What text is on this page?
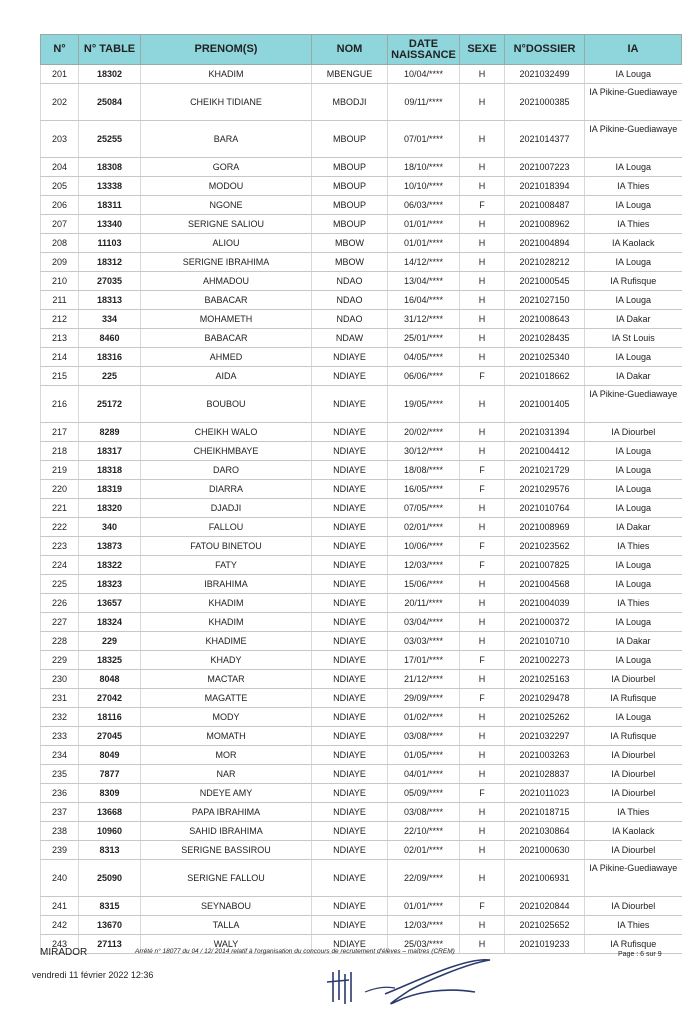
N°	N° TABLE	PRENOM(S)	NOM	DATE NAISSANCE	SEXE	N°DOSSIER	IA
201	18302	KHADIM	MBENGUE	10/04/****	H	2021032499	IA Louga
202	25084	CHEIKH TIDIANE	MBODJI	09/11/****	H	2021000385	IA Pikine-Guediawaye
203	25255	BARA	MBOUP	07/01/****	H	2021014377	IA Pikine-Guediawaye
204	18308	GORA	MBOUP	18/10/****	H	2021007223	IA Louga
205	13338	MODOU	MBOUP	10/10/****	H	2021018394	IA Thies
206	18311	NGONE	MBOUP	06/03/****	F	2021008487	IA Louga
207	13340	SERIGNE SALIOU	MBOUP	01/01/****	H	2021008962	IA Thies
208	11103	ALIOU	MBOW	01/01/****	H	2021004894	IA Kaolack
209	18312	SERIGNE IBRAHIMA	MBOW	14/12/****	H	2021028212	IA Louga
210	27035	AHMADOU	NDAO	13/04/****	H	2021000545	IA Rufisque
211	18313	BABACAR	NDAO	16/04/****	H	2021027150	IA Louga
212	334	MOHAMETH	NDAO	31/12/****	H	2021008643	IA Dakar
213	8460	BABACAR	NDAW	25/01/****	H	2021028435	IA St Louis
214	18316	AHMED	NDIAYE	04/05/****	H	2021025340	IA Louga
215	225	AIDA	NDIAYE	06/06/****	F	2021018662	IA Dakar
216	25172	BOUBOU	NDIAYE	19/05/****	H	2021001405	IA Pikine-Guediawaye
217	8289	CHEIKH WALO	NDIAYE	20/02/****	H	2021031394	IA Diourbel
218	18317	CHEIKHMBAYE	NDIAYE	30/12/****	H	2021004412	IA Louga
219	18318	DARO	NDIAYE	18/08/****	F	2021021729	IA Louga
220	18319	DIARRA	NDIAYE	16/05/****	F	2021029576	IA Louga
221	18320	DJADJI	NDIAYE	07/05/****	H	2021010764	IA Louga
222	340	FALLOU	NDIAYE	02/01/****	H	2021008969	IA Dakar
223	13873	FATOU BINETOU	NDIAYE	10/06/****	F	2021023562	IA Thies
224	18322	FATY	NDIAYE	12/03/****	F	2021007825	IA Louga
225	18323	IBRAHIMA	NDIAYE	15/06/****	H	2021004568	IA Louga
226	13657	KHADIM	NDIAYE	20/11/****	H	2021004039	IA Thies
227	18324	KHADIM	NDIAYE	03/04/****	H	2021000372	IA Louga
228	229	KHADIME	NDIAYE	03/03/****	H	2021010710	IA Dakar
229	18325	KHADY	NDIAYE	17/01/****	F	2021002273	IA Louga
230	8048	MACTAR	NDIAYE	21/12/****	H	2021025163	IA Diourbel
231	27042	MAGATTE	NDIAYE	29/09/****	F	2021029478	IA Rufisque
232	18116	MODY	NDIAYE	01/02/****	H	2021025262	IA Louga
233	27045	MOMATH	NDIAYE	03/08/****	H	2021032297	IA Rufisque
234	8049	MOR	NDIAYE	01/05/****	H	2021003263	IA Diourbel
235	7877	NAR	NDIAYE	04/01/****	H	2021028837	IA Diourbel
236	8309	NDEYE AMY	NDIAYE	05/09/****	F	2021011023	IA Diourbel
237	13668	PAPA IBRAHIMA	NDIAYE	03/08/****	H	2021018715	IA Thies
238	10960	SAHID IBRAHIMA	NDIAYE	22/10/****	H	2021030864	IA Kaolack
239	8313	SERIGNE BASSIROU	NDIAYE	02/01/****	H	2021000630	IA Diourbel
240	25090	SERIGNE FALLOU	NDIAYE	22/09/****	H	2021006931	IA Pikine-Guediawaye
241	8315	SEYNABOU	NDIAYE	01/01/****	F	2021020844	IA Diourbel
242	13670	TALLA	NDIAYE	12/03/****	H	2021025652	IA Thies
243	27113	WALY	NDIAYE	25/03/****	H	2021019233	IA Rufisque
MIRADOR	Arrêté n° 18077 du 04 / 12/ 2014 relatif à l'organisation du concours de recrutement d'élèves – maîtres (CREM)	Page : 6 sur 9
vendredi 11 février 2022 12:36
